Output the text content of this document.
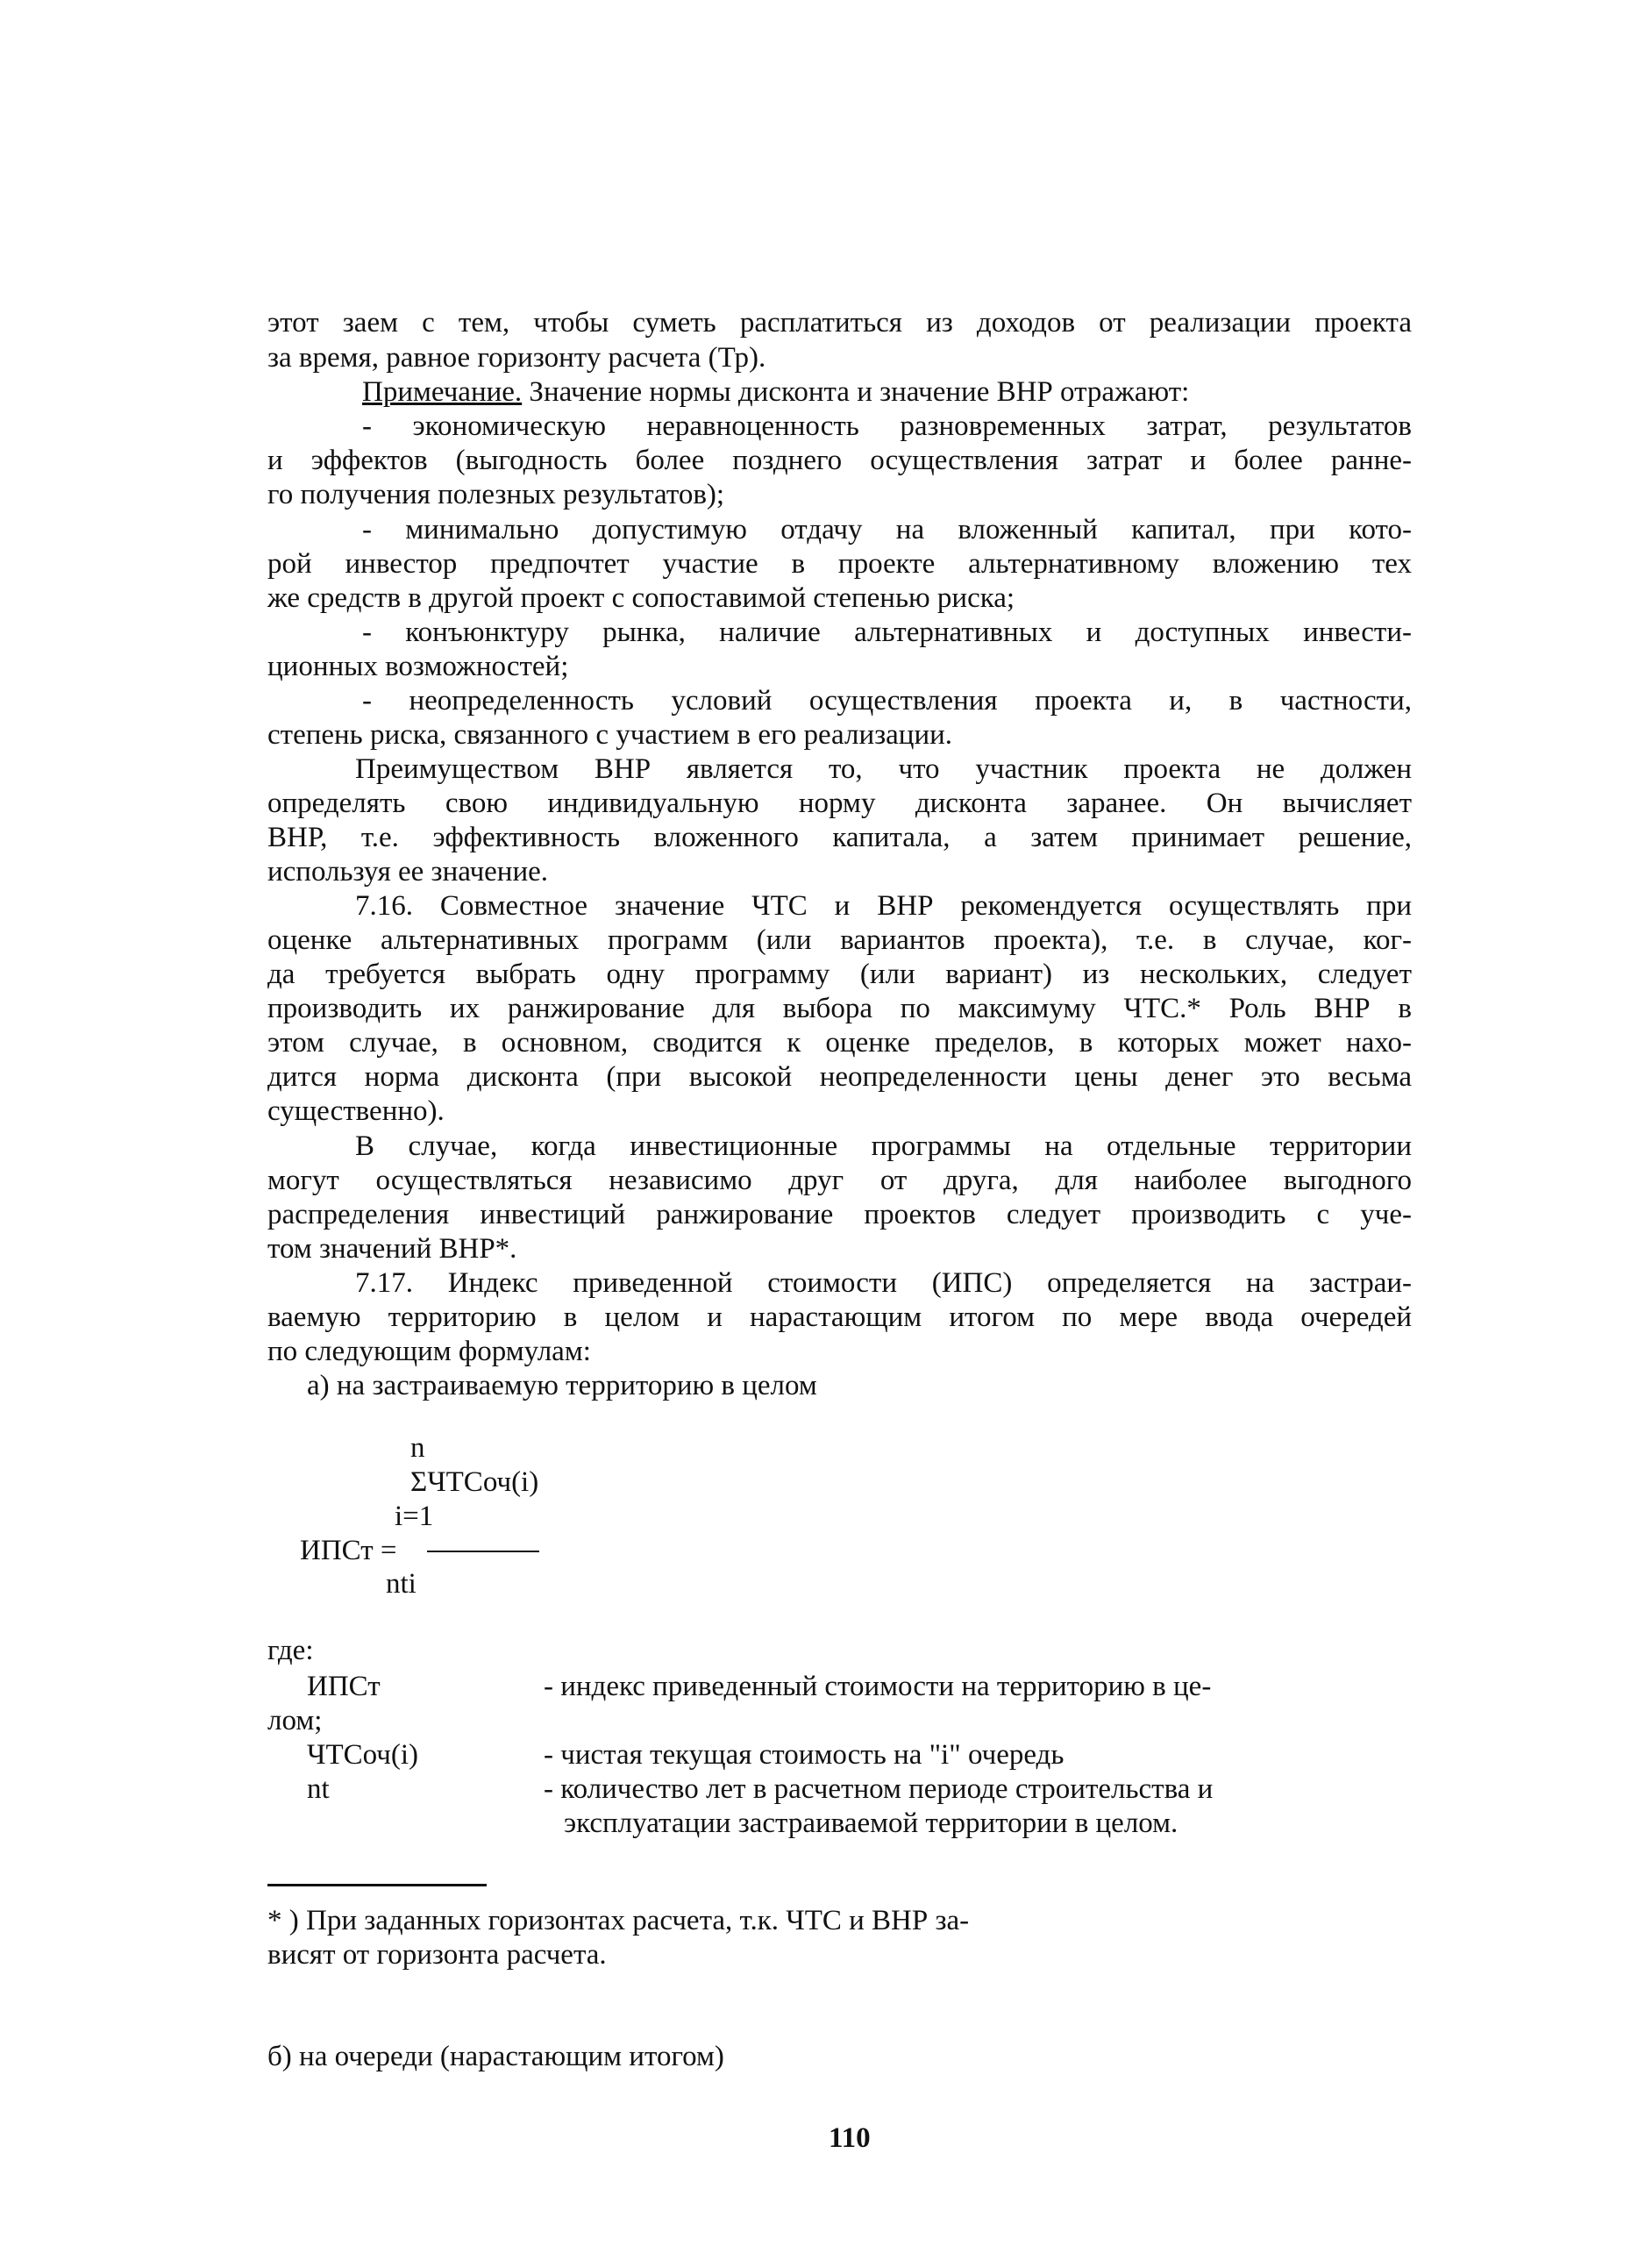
этот заем с тем, чтобы суметь расплатиться из доходов от реализации проекта
за время, равное горизонту расчета (Тр).
Примечание. Значение нормы дисконта и значение ВНР отражают:
- экономическую неравноценность разновременных затрат, результатов
и эффектов (выгодность более позднего осуществления затрат и более ранне-
го получения полезных результатов);
- минимально допустимую отдачу на вложенный капитал, при кото-
рой инвестор предпочтет участие в проекте альтернативному вложению тех
же средств в другой проект с сопоставимой степенью риска;
- конъюнктуру рынка, наличие альтернативных и доступных инвести-
ционных возможностей;
- неопределенность условий осуществления проекта и, в частности,
степень риска, связанного с участием в его реализации.
Преимуществом ВНР является то, что участник проекта не должен
определять свою индивидуальную норму дисконта заранее. Он вычисляет
ВНР, т.е. эффективность вложенного капитала, а затем принимает решение,
используя ее значение.
7.16. Совместное значение ЧТС и ВНР рекомендуется осуществлять при
оценке альтернативных программ (или вариантов проекта), т.е. в случае, ког-
да требуется выбрать одну программу (или вариант) из нескольких, следует
производить их ранжирование для выбора по максимуму ЧТС.* Роль ВНР в
этом случае, в основном, сводится к оценке пределов, в которых может нахо-
дится норма дисконта (при высокой неопределенности цены денег это весьма
существенно).
В случае, когда инвестиционные программы на отдельные территории
могут осуществляться независимо друг от друга, для наиболее выгодного
распределения инвестиций ранжирование проектов следует производить с уче-
том значений ВНР*.
7.17. Индекс приведенной стоимости (ИПС) определяется на застраи-
ваемую территорию в целом и нарастающим итогом по мере ввода очередей
по следующим формулам:
а) на застраиваемую территорию в целом
n
ΣЧТСоч(i)
i=1
ИПСт =
nti
где:
ИПСт	- индекс приведенный стоимости на территорию в це-
лом;
ЧТСоч(i)	- чистая текущая стоимость на "i" очередь
nt	- количество лет в расчетном периоде строительства и
эксплуатации застраиваемой территории в целом.
* ) При заданных горизонтах расчета, т.к. ЧТС и ВНР за-
висят от горизонта расчета.
б) на очереди (нарастающим итогом)
110
